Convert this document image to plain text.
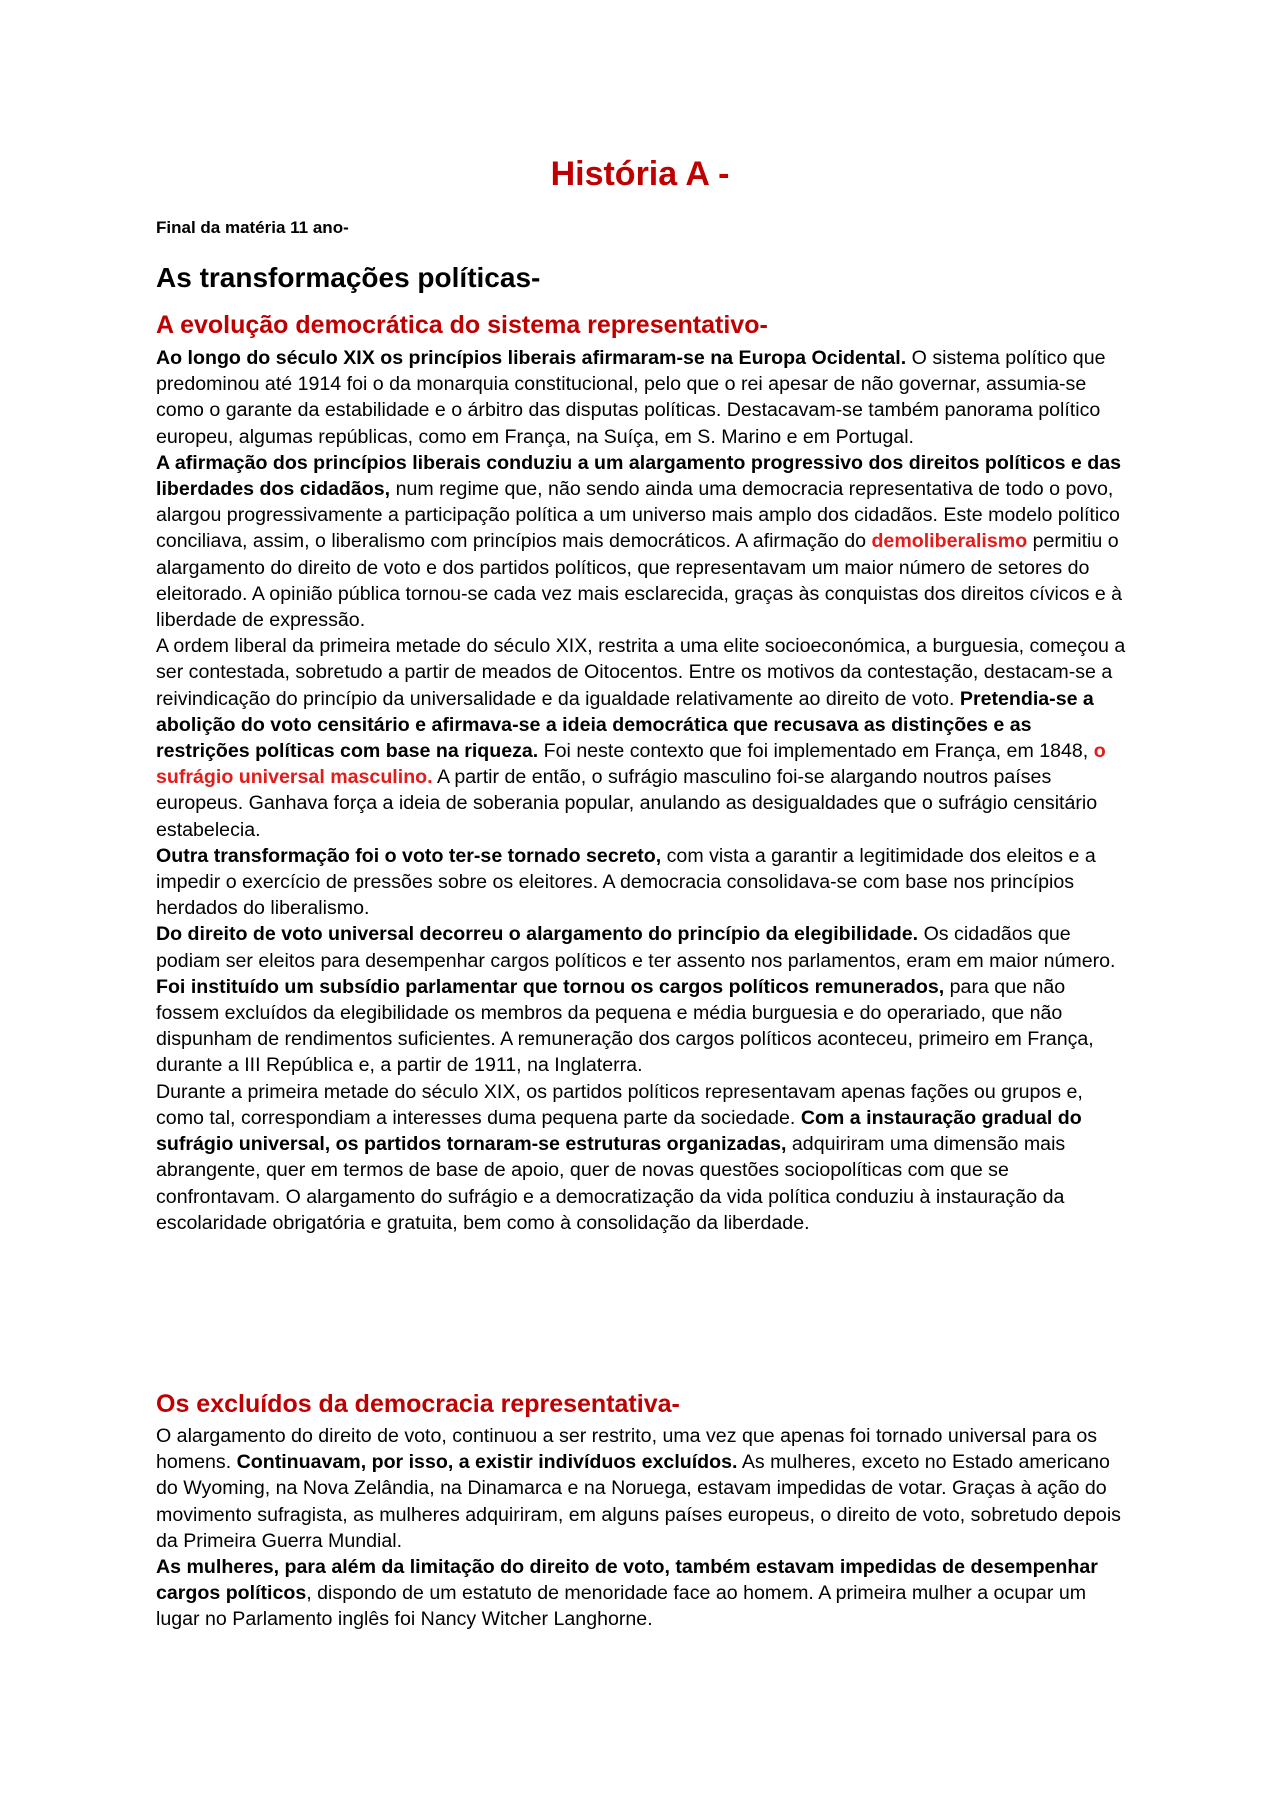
História A -

Final da matéria 11 ano-

As transformações políticas-
A evolução democrática do sistema representativo-

Ao longo do século XIX os princípios liberais afirmaram-se na Europa Ocidental. O sistema político que predominou até 1914 foi o da monarquia constitucional, pelo que o rei apesar de não governar, assumia-se como o garante da estabilidade e o árbitro das disputas políticas. Destacavam-se também panorama político europeu, algumas repúblicas, como em França, na Suíça, em S. Marino e em Portugal.

A afirmação dos princípios liberais conduziu a um alargamento progressivo dos direitos políticos e das liberdades dos cidadãos, num regime que, não sendo ainda uma democracia representativa de todo o povo, alargou progressivamente a participação política a um universo mais amplo dos cidadãos. Este modelo político conciliava, assim, o liberalismo com princípios mais democráticos. A afirmação do demoliberalismo permitiu o alargamento do direito de voto e dos partidos políticos, que representavam um maior número de setores do eleitorado. A opinião pública tornou-se cada vez mais esclarecida, graças às conquistas dos direitos cívicos e à liberdade de expressão.

A ordem liberal da primeira metade do século XIX, restrita a uma elite socioeconómica, a burguesia, começou a ser contestada, sobretudo a partir de meados de Oitocentos. Entre os motivos da contestação, destacam-se a reivindicação do princípio da universalidade e da igualdade relativamente ao direito de voto. Pretendia-se a abolição do voto censitário e afirmava-se a ideia democrática que recusava as distinções e as restrições políticas com base na riqueza. Foi neste contexto que foi implementado em França, em 1848, o sufrágio universal masculino. A partir de então, o sufrágio masculino foi-se alargando noutros países europeus. Ganhava força a ideia de soberania popular, anulando as desigualdades que o sufrágio censitário estabelecia.

Outra transformação foi o voto ter-se tornado secreto, com vista a garantir a legitimidade dos eleitos e a impedir o exercício de pressões sobre os eleitores. A democracia consolidava-se com base nos princípios herdados do liberalismo.

Do direito de voto universal decorreu o alargamento do princípio da elegibilidade. Os cidadãos que podiam ser eleitos para desempenhar cargos políticos e ter assento nos parlamentos, eram em maior número. Foi instituído um subsídio parlamentar que tornou os cargos políticos remunerados, para que não fossem excluídos da elegibilidade os membros da pequena e média burguesia e do operariado, que não dispunham de rendimentos suficientes. A remuneração dos cargos políticos aconteceu, primeiro em França, durante a III República e, a partir de 1911, na Inglaterra.

Durante a primeira metade do século XIX, os partidos políticos representavam apenas fações ou grupos e, como tal, correspondiam a interesses duma pequena parte da sociedade. Com a instauração gradual do sufrágio universal, os partidos tornaram-se estruturas organizadas, adquiriram uma dimensão mais abrangente, quer em termos de base de apoio, quer de novas questões sociopolíticas com que se confrontavam. O alargamento do sufrágio e a democratização da vida política conduziu à instauração da escolaridade obrigatória e gratuita, bem como à consolidação da liberdade.

Os excluídos da democracia representativa-

O alargamento do direito de voto, continuou a ser restrito, uma vez que apenas foi tornado universal para os homens. Continuavam, por isso, a existir indivíduos excluídos. As mulheres, exceto no Estado americano do Wyoming, na Nova Zelândia, na Dinamarca e na Noruega, estavam impedidas de votar. Graças à ação do movimento sufragista, as mulheres adquiriram, em alguns países europeus, o direito de voto, sobretudo depois da Primeira Guerra Mundial.

As mulheres, para além da limitação do direito de voto, também estavam impedidas de desempenhar cargos políticos, dispondo de um estatuto de menoridade face ao homem. A primeira mulher a ocupar um lugar no Parlamento inglês foi Nancy Witcher Langhorne.
